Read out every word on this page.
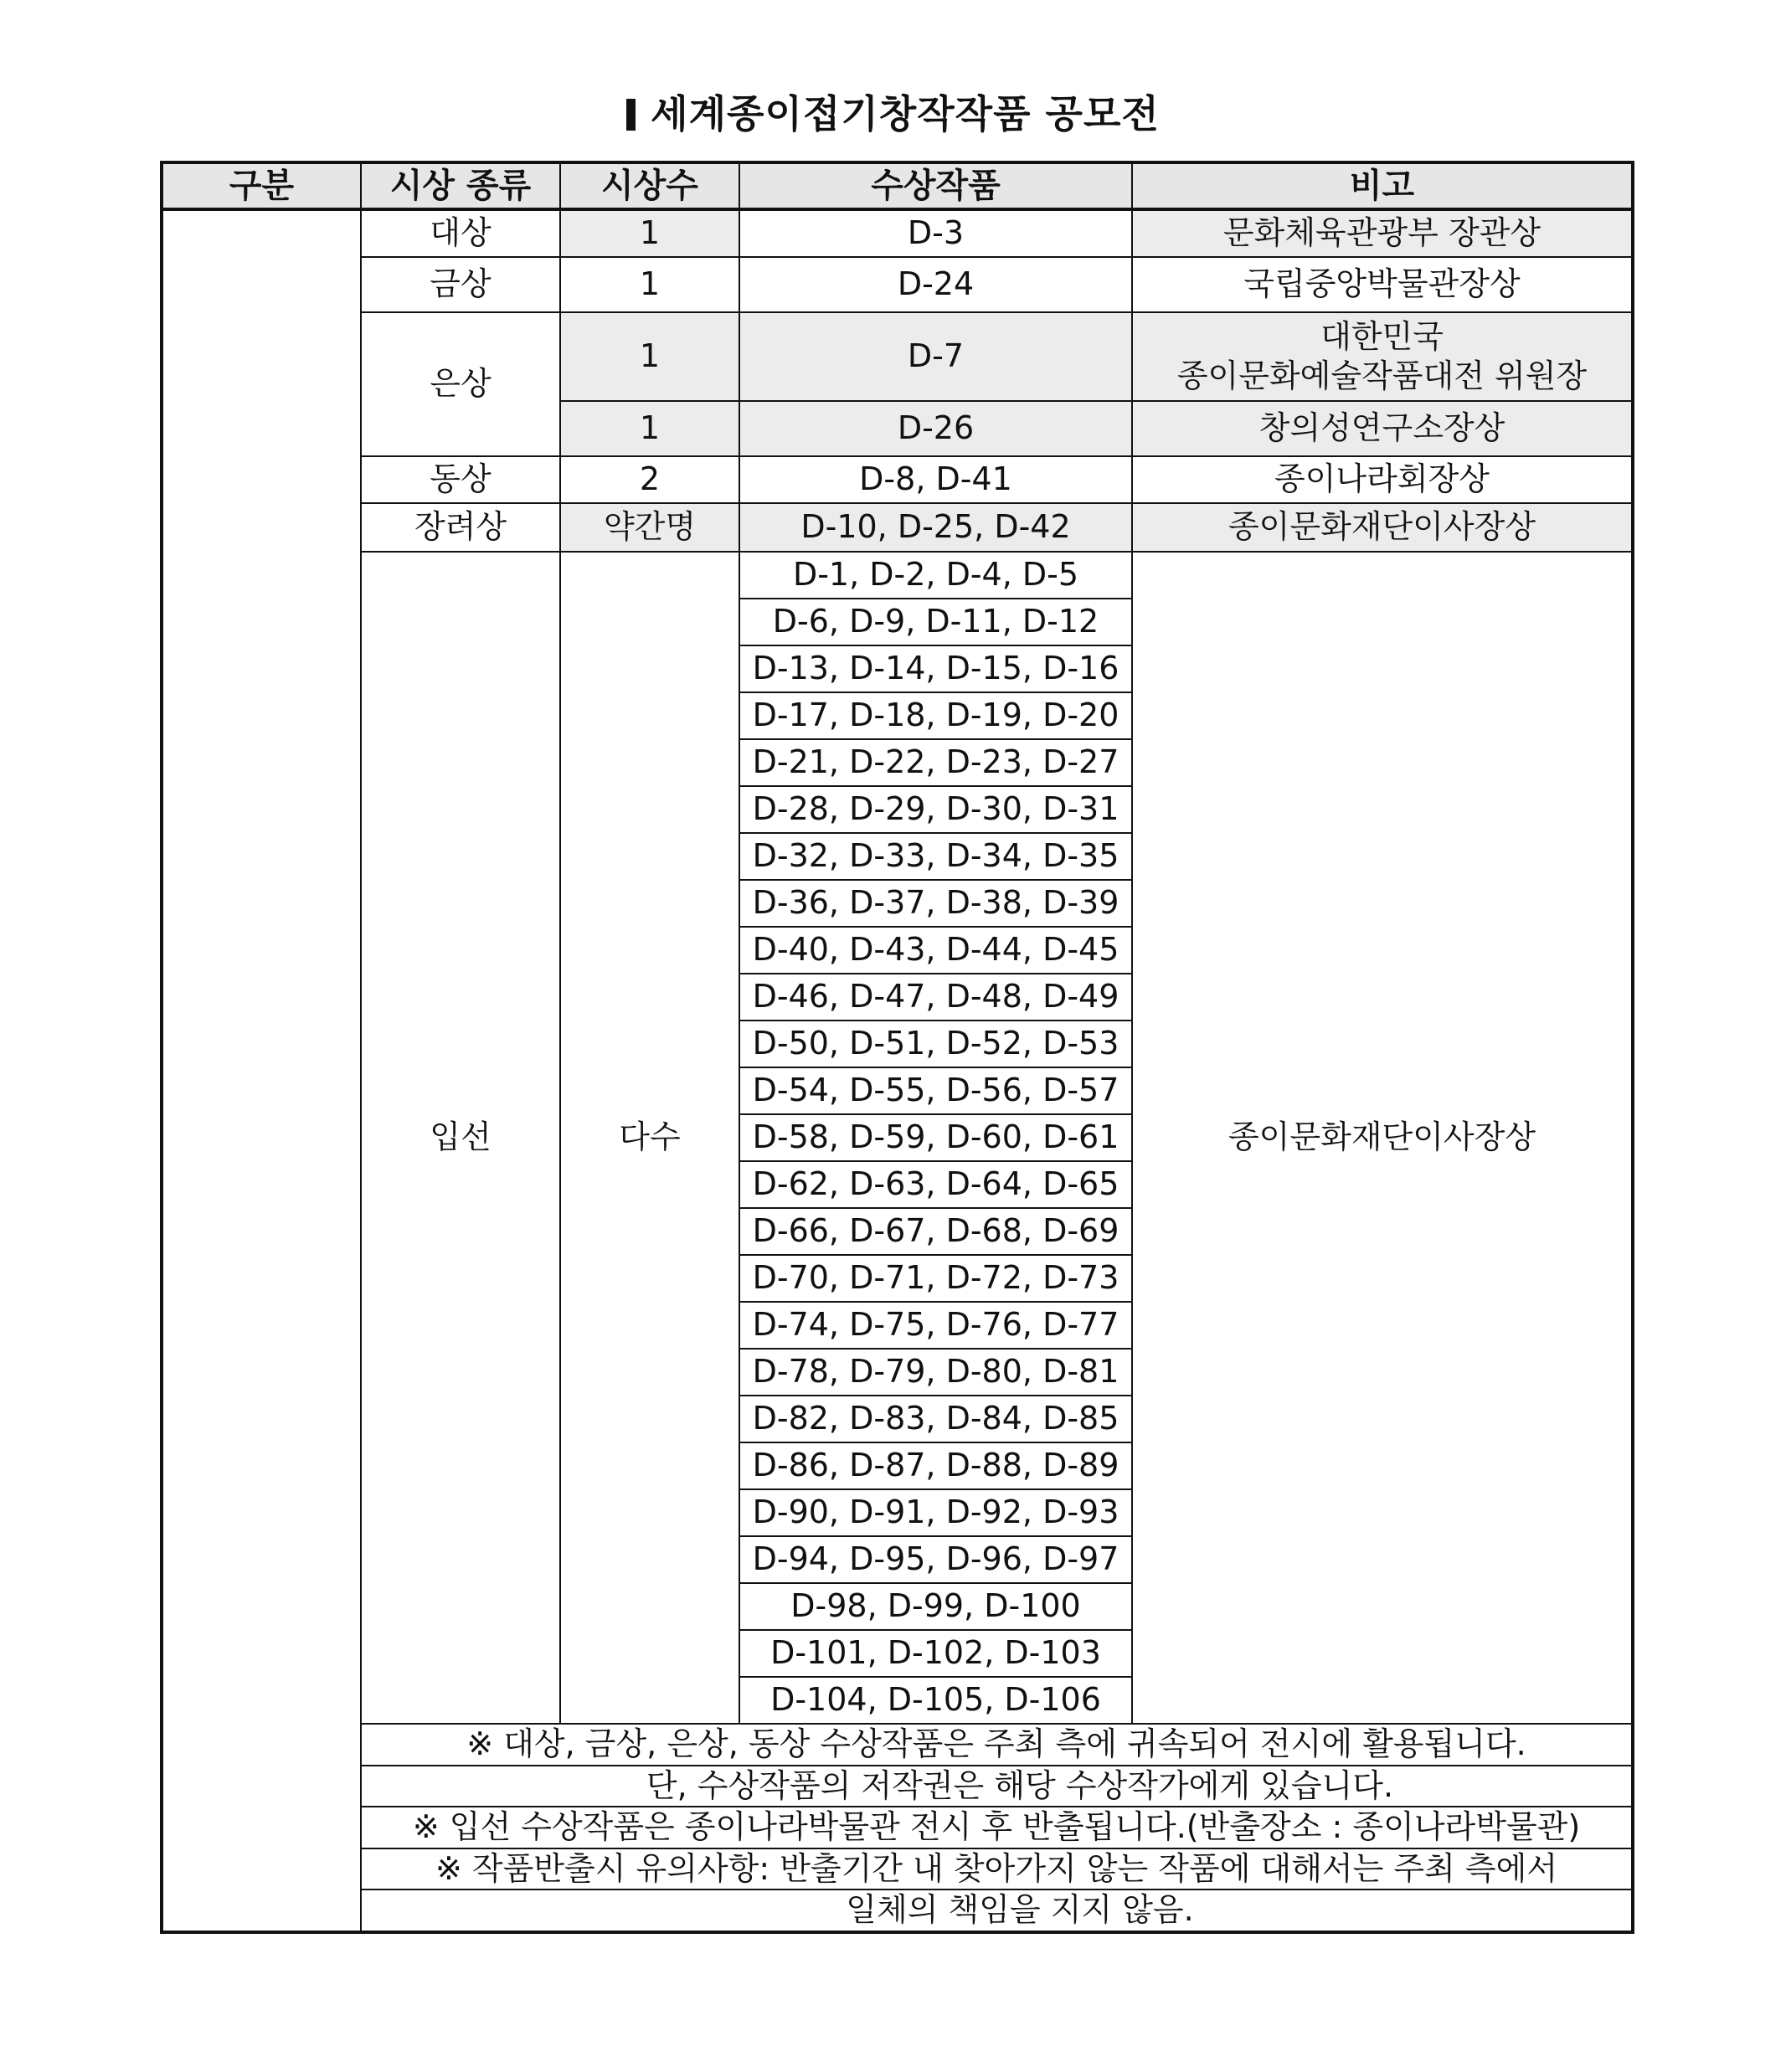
세계종이접기창작작품 공모전
구분	시상 종류	시상수	수상작품	비고
	대상	1	D-3	문화체육관광부 장관상
	금상	1	D-24	국립중앙박물관장상
	은상	1	D-7	대한민국
종이문화예술작품대전 위원장

		1	D-26	창의성연구소장상
	동상	2	D-8, D-41	종이나라회장상
	장려상	약간명	D-10, D-25, D-42	종이문화재단이사장상
	입선	다수	D-1, D-2, D-4, D-5	종이문화재단이사장상
			D-6, D-9, D-11, D-12	
			D-13, D-14, D-15, D-16	
			D-17, D-18, D-19, D-20	
			D-21, D-22, D-23, D-27	
			D-28, D-29, D-30, D-31	
			D-32, D-33, D-34, D-35	
			D-36, D-37, D-38, D-39	
			D-40, D-43, D-44, D-45	
			D-46, D-47, D-48, D-49	
			D-50, D-51, D-52, D-53	
			D-54, D-55, D-56, D-57	
			D-58, D-59, D-60, D-61	
			D-62, D-63, D-64, D-65	
			D-66, D-67, D-68, D-69	
			D-70, D-71, D-72, D-73	
			D-74, D-75, D-76, D-77	
			D-78, D-79, D-80, D-81	
			D-82, D-83, D-84, D-85	
			D-86, D-87, D-88, D-89	
			D-90, D-91, D-92, D-93	
			D-94, D-95, D-96, D-97	
			D-98, D-99, D-100	
			D-101, D-102, D-103	
			D-104, D-105, D-106	
	※ 대상, 금상, 은상, 동상 수상작품은 주최 측에 귀속되어 전시에 활용됩니다.			
	단, 수상작품의 저작권은 해당 수상작가에게 있습니다.			
	※ 입선 수상작품은 종이나라박물관 전시 후 반출됩니다.(반출장소 : 종이나라박물관)			
	※ 작품반출시 유의사항: 반출기간 내 찾아가지 않는 작품에 대해서는 주최 측에서			
	일체의 책임을 지지 않음.			
